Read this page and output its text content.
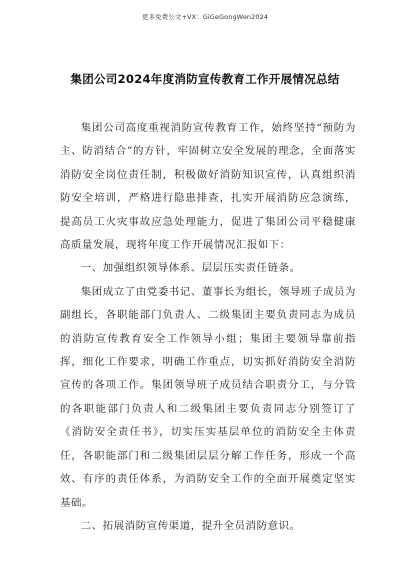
更多免费公文+VX：GiGeGongWen2024
集团公司2024年度消防宣传教育工作开展情况总结

集团公司高度重视消防宣传教育工作，始终坚持“预防为主、防消结合”的方针，牢固树立安全发展的理念，全面落实消防安全岗位责任制，积极做好消防知识宣传，认真组织消防安全培训，严格进行隐患排查，扎实开展消防应急演练，提高员工火灾事故应急处理能力，促进了集团公司平稳健康高质量发展，现将年度工作开展情况汇报如下：

一、加强组织领导体系、层层压实责任链条。

集团成立了由党委书记、董事长为组长，领导班子成员为副组长，各职能部门负责人、二级集团主要负责同志为成员的消防宣传教育安全工作领导小组；集团主要领导靠前指挥，细化工作要求，明确工作重点，切实抓好消防安全消防宣传的各项工作。集团领导班子成员结合职责分工，与分管的各职能部门负责人和二级集团主要负责同志分别签订了《消防安全责任书》，切实压实基层单位的消防安全主体责任，各职能部门和二级集团层层分解工作任务，形成一个高效、有序的责任体系，为消防安全工作的全面开展奠定坚实基础。

二、拓展消防宣传渠道，提升全员消防意识。
